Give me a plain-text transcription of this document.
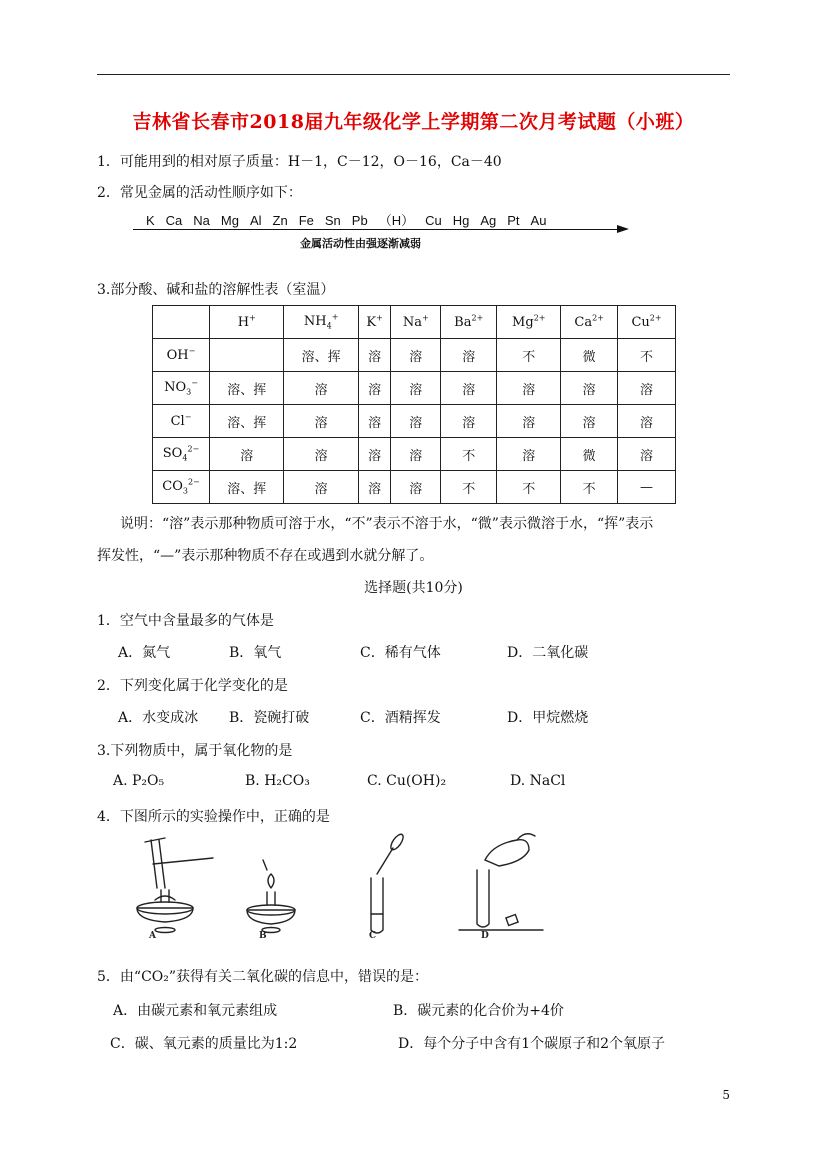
吉林省长春市2018届九年级化学上学期第二次月考试题（小班）
1．可能用到的相对原子质量：H－1，C－12，O－16，Ca－40
2．常见金属的活动性顺序如下：
K Ca Na Mg Al Zn Fe Sn Pb （H） Cu Hg Ag Pt Au
金属活动性由强逐渐减弱
3.部分酸、碱和盐的溶解性表（室温）
	H+	$NH_4^+$	K+	Na+	$Ba^{2+}$	$Mg^{2+}$	$Ca^{2+}$	$Cu^{2+}$
OH−		溶、挥	溶	溶	溶	不	微	不
$NO_3^-$	溶、挥	溶	溶	溶	溶	溶	溶	溶
Cl−	溶、挥	溶	溶	溶	溶	溶	溶	溶
$SO_4^{2-}$	溶	溶	溶	溶	不	溶	微	溶
$CO_3^{2-}$	溶、挥	溶	溶	溶	不	不	不	—
说明：“溶”表示那种物质可溶于水，“不”表示不溶于水，“微”表示微溶于水，“挥”表示
挥发性，“—”表示那种物质不存在或遇到水就分解了。
选择题(共10分)
1．空气中含量最多的气体是
A．氮气	B．氧气	C．稀有气体	D．二氧化碳
2．下列变化属于化学变化的是
A．水变成冰 B．瓷碗打破	C．酒精挥发	D．甲烷燃烧
3.下列物质中，属于氧化物的是
A. P₂O₅	B. H₂CO₃	C. Cu(OH)₂	D. NaCl
4．下图所示的实验操作中，正确的是
A	B	C	D
5．由“CO₂”获得有关二氧化碳的信息中，错误的是：
A．由碳元素和氧元素组成	B．碳元素的化合价为+4价
C．碳、氧元素的质量比为1:2	D．每个分子中含有1个碳原子和2个氧原子
5
